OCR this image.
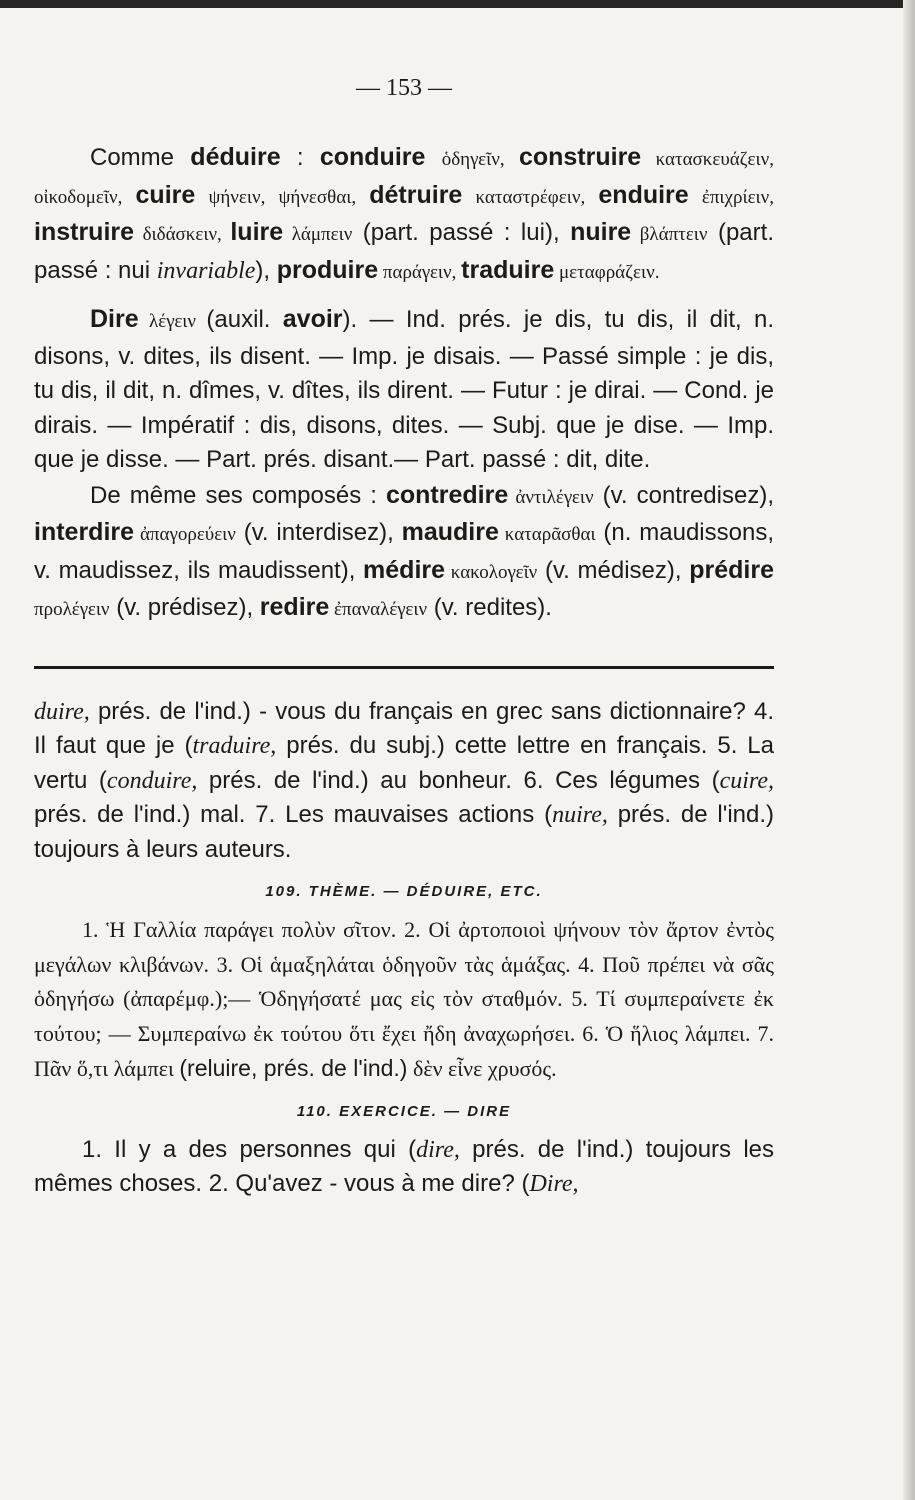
— 153 —

Comme déduire : conduire ὁδηγεῖν, construire κατασκευάζειν, οἰκοδομεῖν, cuire ψήνειν, ψήνεσθαι, détruire καταστρέφειν, enduire ἐπιχρίειν, instruire διδάσκειν, luire λάμπειν (part. passé : lui), nuire βλάπτειν (part. passé : nui invariable), produire παράγειν, traduire μεταφράζειν.

Dire λέγειν (auxil. avoir). — Ind. prés. je dis, tu dis, il dit, n. disons, v. dites, ils disent. — Imp. je disais. — Passé simple : je dis, tu dis, il dit, n. dîmes, v. dîtes, ils dirent. — Futur : je dirai. — Cond. je dirais. — Impératif : dis, disons, dites. — Subj. que je dise. — Imp. que je disse. — Part. prés. disant.— Part. passé : dit, dite.

De même ses composés : contredire ἀντιλέγειν (v. contredisez), interdire ἀπαγορεύειν (v. interdisez), maudire καταρᾶσθαι (n. maudissons, v. maudissez, ils maudissent), médire κακολογεῖν (v. médisez), prédire προλέγειν (v. prédisez), redire ἐπαναλέγειν (v. redites).

duire, prés. de l'ind.) - vous du français en grec sans dictionnaire? 4. Il faut que je (traduire, prés. du subj.) cette lettre en français. 5. La vertu (conduire, prés. de l'ind.) au bonheur. 6. Ces légumes (cuire, prés. de l'ind.) mal. 7. Les mauvaises actions (nuire, prés. de l'ind.) toujours à leurs auteurs.

109. THÈME. — DÉDUIRE, ETC.

1. Ἡ Γαλλία παράγει πολὺν σῖτον. 2. Οἱ ἀρτοποιοὶ ψήνουν τὸν ἄρτον ἐντὸς μεγάλων κλιβάνων. 3. Οἱ ἁμαξηλάται ὁδηγοῦν τὰς ἁμάξας. 4. Ποῦ πρέπει νὰ σᾶς ὁδηγήσω (ἀπαρέμφ.);— Ὁδηγήσατέ μας εἰς τὸν σταθμόν. 5. Τί συμπεραίνετε ἐκ τούτου; — Συμπεραίνω ἐκ τούτου ὅτι ἔχει ἤδη ἀναχωρήσει. 6. Ὁ ἥλιος λάμπει. 7. Πᾶν ὅ,τι λάμπει (reluire, prés. de l'ind.) δὲν εἶνε χρυσός.

110. EXERCICE. — DIRE

1. Il y a des personnes qui (dire, prés. de l'ind.) toujours les mêmes choses. 2. Qu'avez - vous à me dire? (Dire,
